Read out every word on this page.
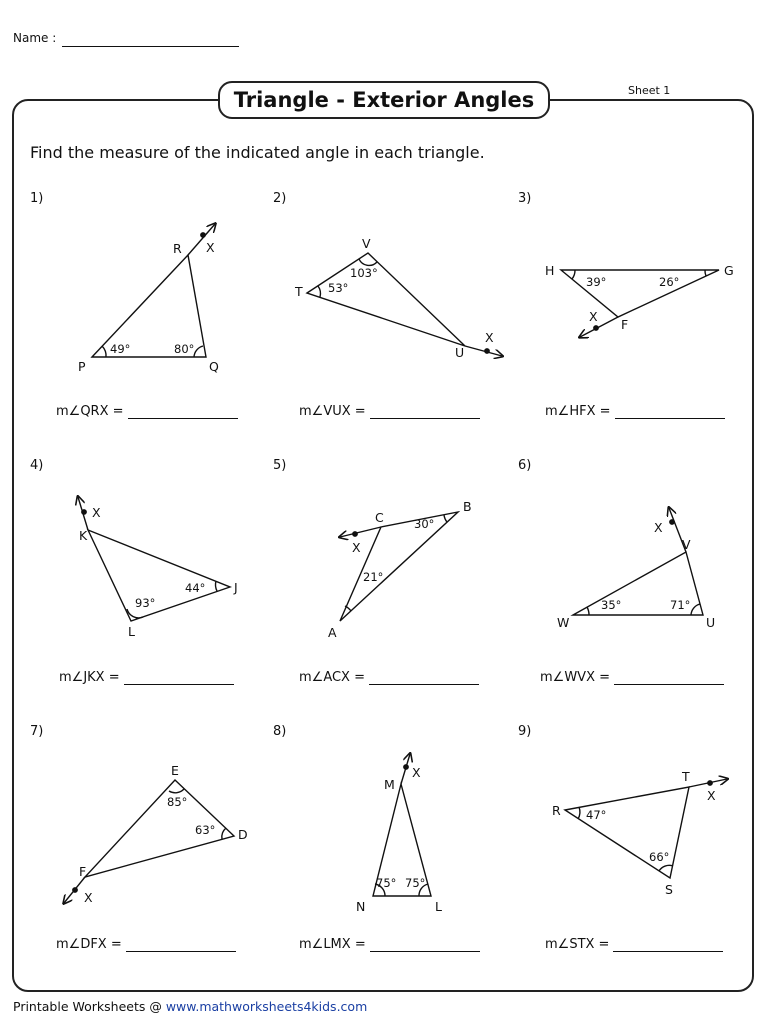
Name :
Triangle - Exterior Angles	Sheet 1
Find the measure of the indicated angle in each triangle.
1)	2)	3)
4)	5)	6)
7)	8)	9)
m∠QRX =	m∠VUX =	m∠HFX =
m∠JKX =	m∠ACX =	m∠WVX =
m∠DFX =	m∠LMX =	m∠STX =
R X
P	Q
49°	80°
V
T
U
X
103°
53°
H	G
X
F
39°	26°
X
K
J
L
44°
93°
C
B
X
A
30°
21°
X
V
W	U
35°	71°
E
D
F
X
85°
63°
X
M
N	L
75° 75°
T
X
R
S
47°
66°
Printable Worksheets @ www.mathworksheets4kids.com
